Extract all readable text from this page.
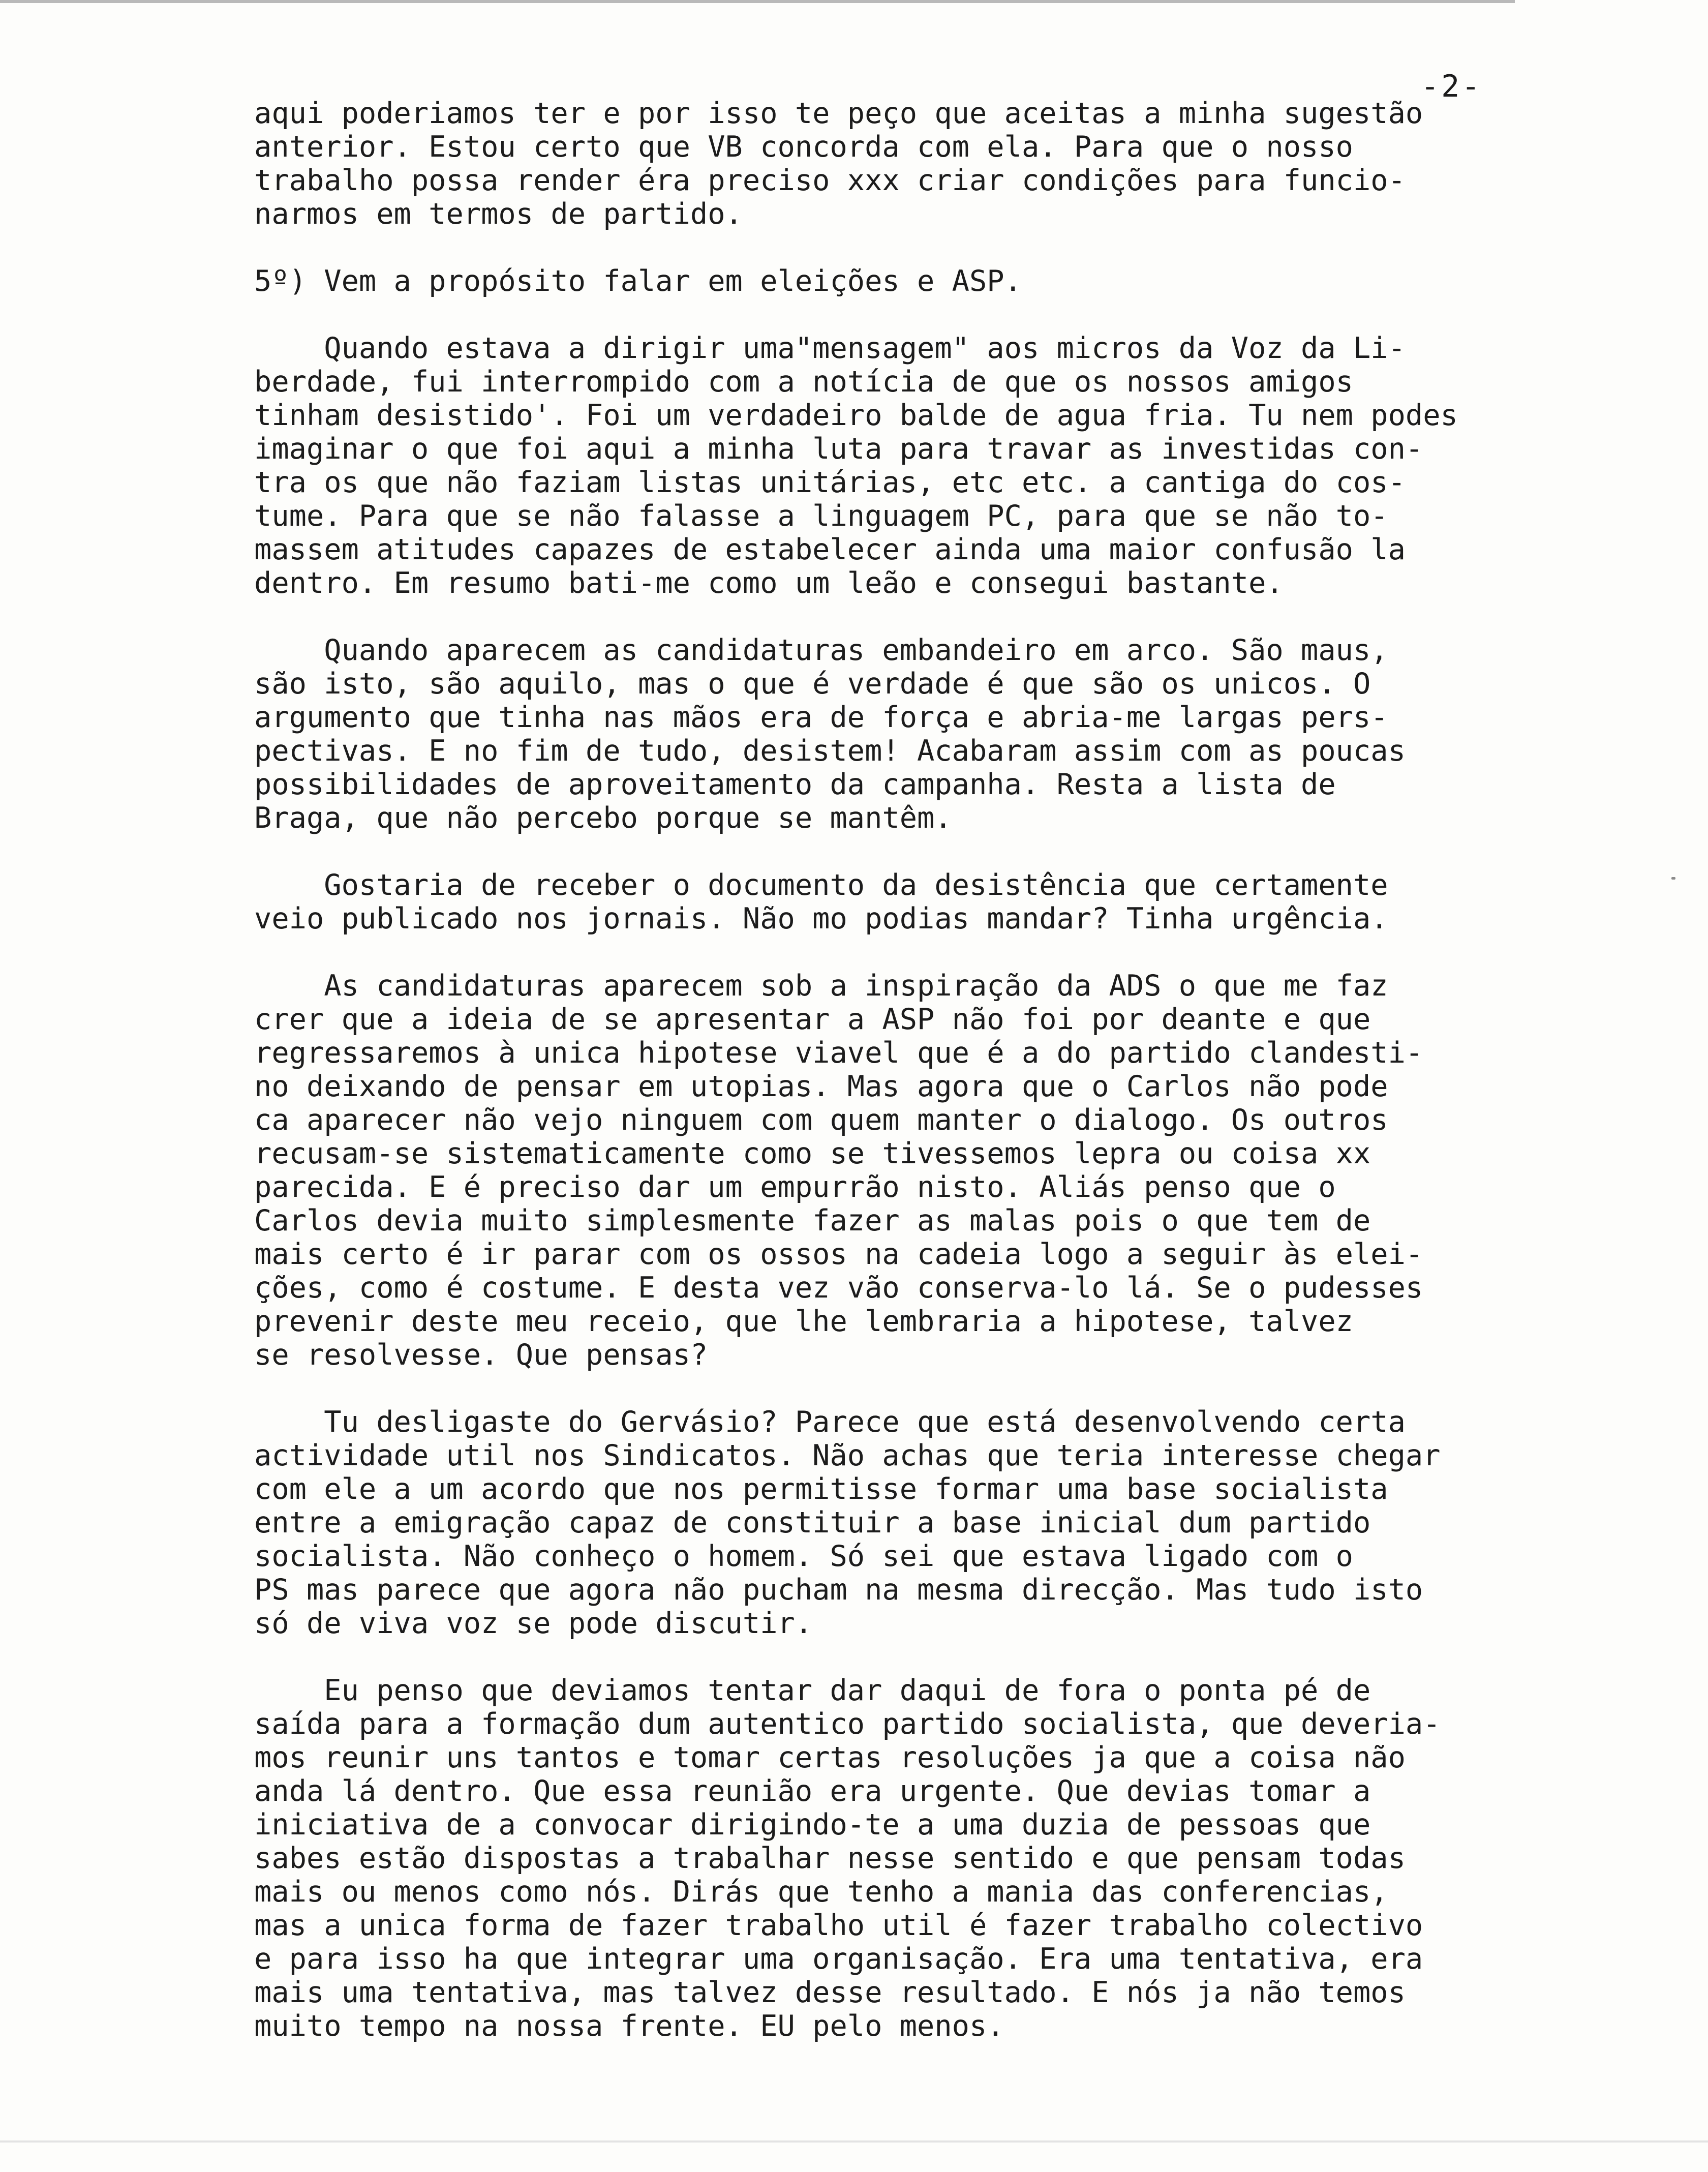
-2-

aqui poderiamos ter e por isso te peço que aceitas a minha sugestão
anterior. Estou certo que VB concorda com ela. Para que o nosso
trabalho possa render éra preciso xxx criar condições para funcio-
narmos em termos de partido.

5º) Vem a propósito falar em eleições e ASP.

Quando estava a dirigir uma"mensagem" aos micros da Voz da Li-
berdade, fui interrompido com a notícia de que os nossos amigos
tinham desistido'. Foi um verdadeiro balde de agua fria. Tu nem podes
imaginar o que foi aqui a minha luta para travar as investidas con-
tra os que não faziam listas unitárias, etc etc. a cantiga do cos-
tume. Para que se não falasse a linguagem PC, para que se não to-
massem atitudes capazes de estabelecer ainda uma maior confusão la
dentro. Em resumo bati-me como um leão e consegui bastante.

Quando aparecem as candidaturas embandeiro em arco. São maus,
são isto, são aquilo, mas o que é verdade é que são os unicos. O
argumento que tinha nas mãos era de força e abria-me largas pers-
pectivas. E no fim de tudo, desistem! Acabaram assim com as poucas
possibilidades de aproveitamento da campanha. Resta a lista de
Braga, que não percebo porque se mantêm.

Gostaria de receber o documento da desistência que certamente
veio publicado nos jornais. Não mo podias mandar? Tinha urgência.

As candidaturas aparecem sob a inspiração da ADS o que me faz
crer que a ideia de se apresentar a ASP não foi por deante e que
regressaremos à unica hipotese viavel que é a do partido clandesti-
no deixando de pensar em utopias. Mas agora que o Carlos não pode
ca aparecer não vejo ninguem com quem manter o dialogo. Os outros
recusam-se sistematicamente como se tivessemos lepra ou coisa xx
parecida. E é preciso dar um empurrão nisto. Aliás penso que o
Carlos devia muito simplesmente fazer as malas pois o que tem de
mais certo é ir parar com os ossos na cadeia logo a seguir às elei-
ções, como é costume. E desta vez vão conserva-lo lá. Se o pudesses
prevenir deste meu receio, que lhe lembraria a hipotese, talvez
se resolvesse. Que pensas?

Tu desligaste do Gervásio? Parece que está desenvolvendo certa
actividade util nos Sindicatos. Não achas que teria interesse chegar
com ele a um acordo que nos permitisse formar uma base socialista
entre a emigração capaz de constituir a base inicial dum partido
socialista. Não conheço o homem. Só sei que estava ligado com o
PS mas parece que agora não pucham na mesma direcção. Mas tudo isto
só de viva voz se pode discutir.

Eu penso que deviamos tentar dar daqui de fora o ponta pé de
saída para a formação dum autentico partido socialista, que deveria-
mos reunir uns tantos e tomar certas resoluções ja que a coisa não
anda lá dentro. Que essa reunião era urgente. Que devias tomar a
iniciativa de a convocar dirigindo-te a uma duzia de pessoas que
sabes estão dispostas a trabalhar nesse sentido e que pensam todas
mais ou menos como nós. Dirás que tenho a mania das conferencias,
mas a unica forma de fazer trabalho util é fazer trabalho colectivo
e para isso ha que integrar uma organisação. Era uma tentativa, era
mais uma tentativa, mas talvez desse resultado. E nós ja não temos
muito tempo na nossa frente. EU pelo menos.
